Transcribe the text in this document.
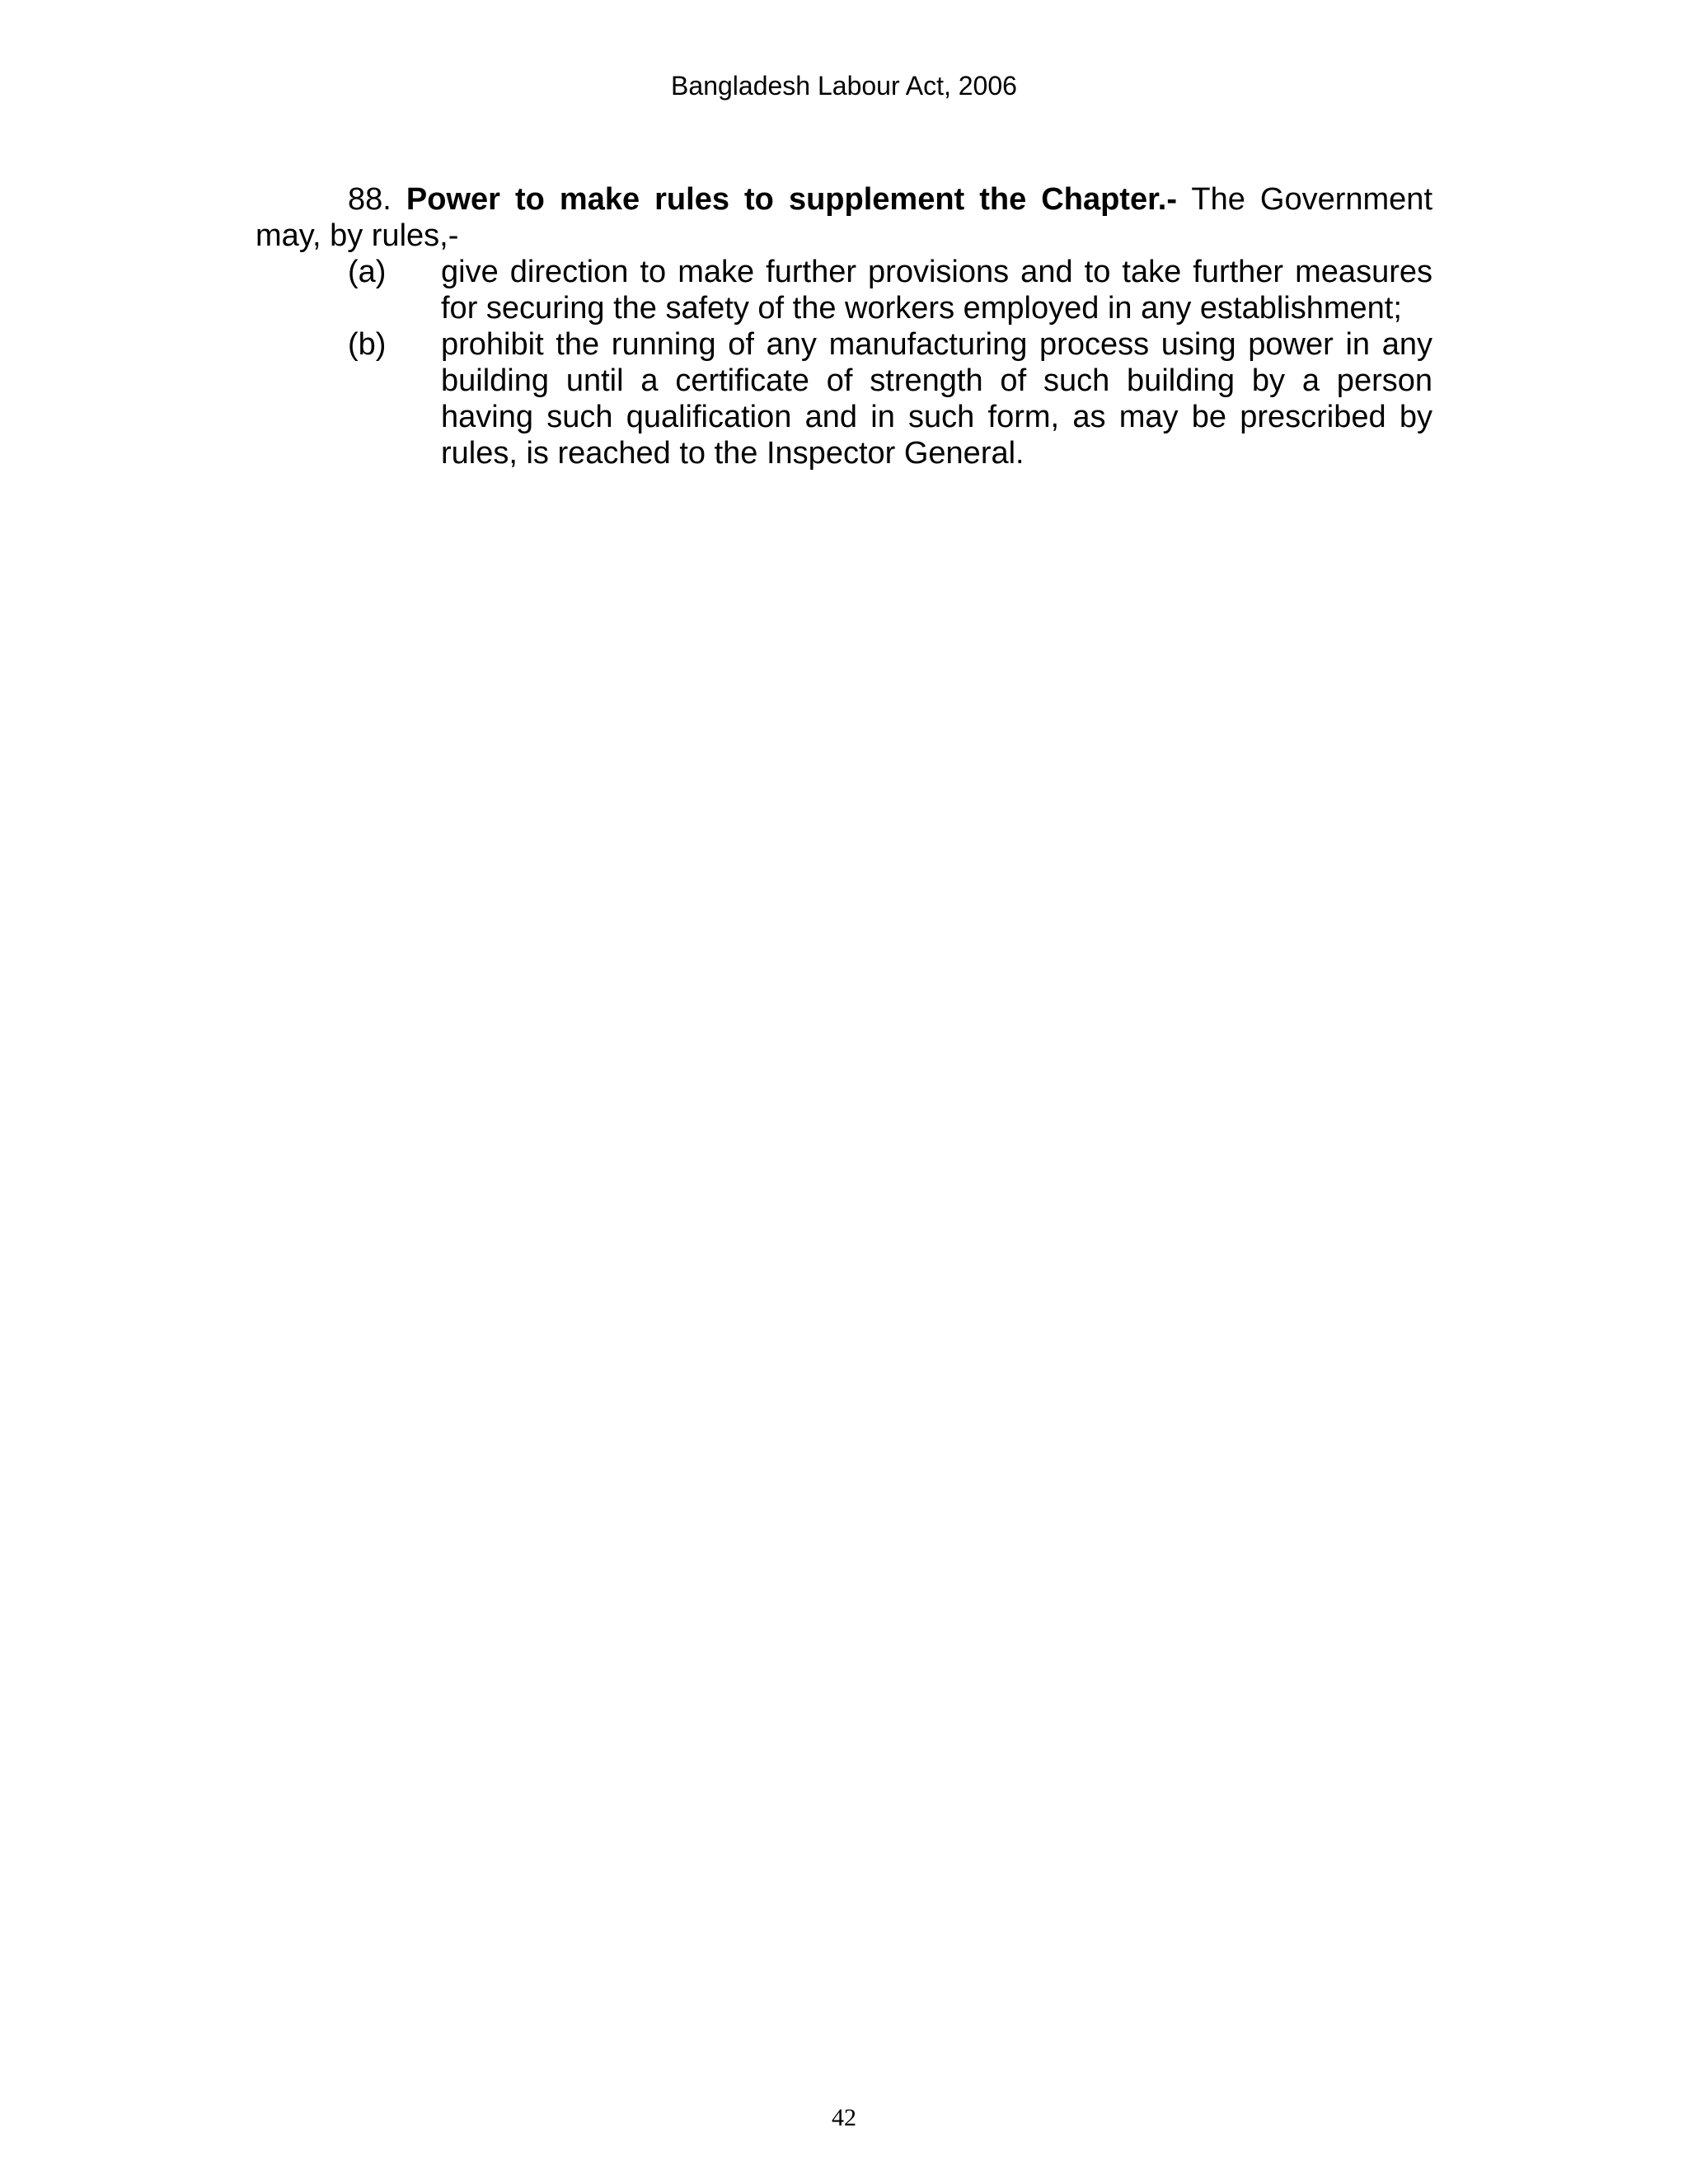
Bangladesh Labour Act, 2006

88. Power to make rules to supplement the Chapter.- The Government may, by rules,-

(a) give direction to make further provisions and to take further measures for securing the safety of the workers employed in any establishment;
(b) prohibit the running of any manufacturing process using power in any building until a certificate of strength of such building by a person having such qualification and in such form, as may be prescribed by rules, is reached to the Inspector General.
42
